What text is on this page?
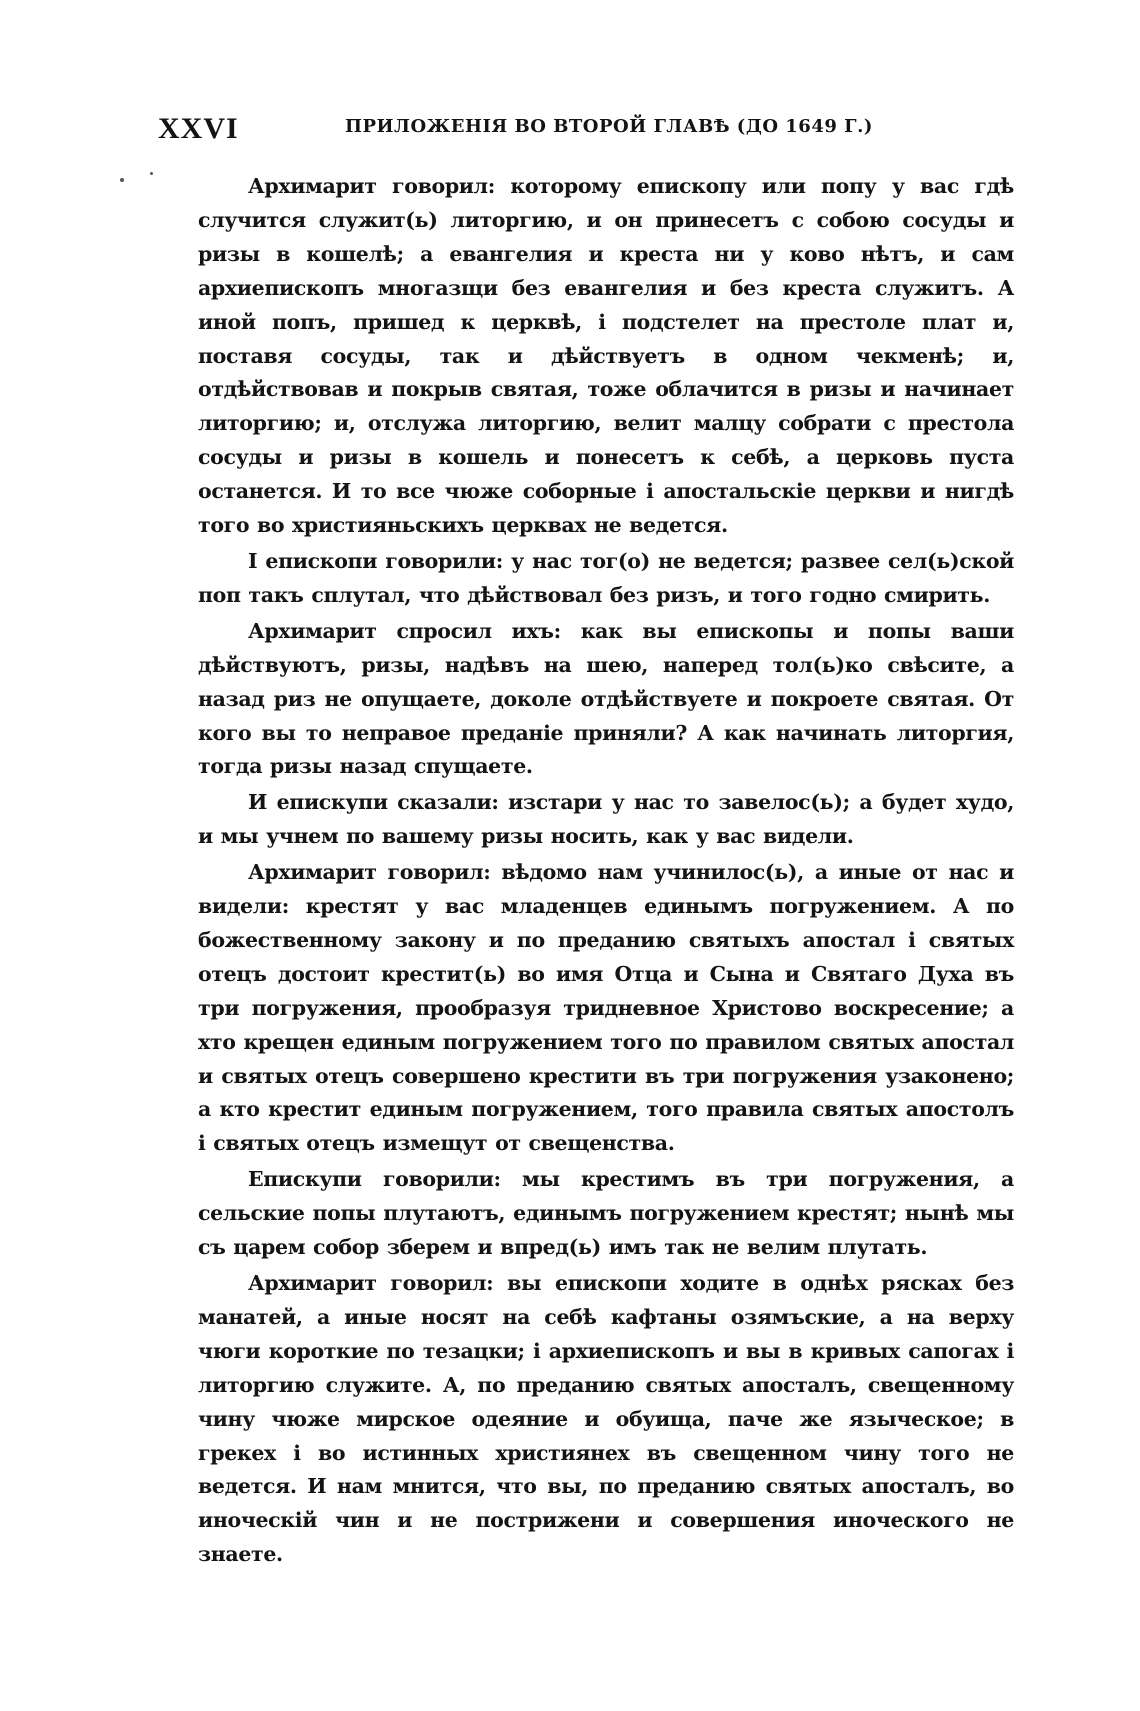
XXVI	ПРИЛОЖЕНІЯ ВО ВТОРОЙ ГЛАВѢ (ДО 1649 Г.)

Архимарит говорил: которому епископу или попу у вас гдѣ случится служит(ь) литоргию, и он принесетъ с собою сосуды и ризы в кошелѣ; а евангелия и креста ни у ково нѣтъ, и сам архиепископъ многазщи без евангелия и без креста служитъ. А иной попъ, пришед к церквѣ, і подстелет на престоле плат и, поставя сосуды, так и дѣйствуетъ в одном чекменѣ; и, отдѣйствовав и покрыв святая, тоже облачится в ризы и начинает литоргию; и, отслужа литоргию, велит малцу собрати с престола сосуды и ризы в кошель и понесетъ к себѣ, а церковь пуста останется. И то все чюже соборные і апостальскіе церкви и нигдѣ того во християньскихъ церквах не ведется.

І епископи говорили: у нас тог(о) не ведется; развее сел(ь)ской поп такъ сплутал, что дѣйствовал без ризъ, и того годно смирить.

Архимарит спросил ихъ: как вы епископы и попы ваши дѣйствуютъ, ризы, надѣвъ на шею, наперед тол(ь)ко свѣсите, а назад риз не опущаете, доколе отдѣйствуете и покроете святая. От кого вы то неправое преданіе приняли? А как начинать литоргия, тогда ризы назад спущаете.

И епискупи сказали: изстари у нас то завелос(ь); а будет худо, и мы учнем по вашему ризы носить, как у вас видели.

Архимарит говорил: вѣдомо нам учинилос(ь), а иные от нас и видели: крестят у вас младенцев единымъ погружением. А по божественному закону и по преданию святыхъ апостал і святых отецъ достоит крестит(ь) во имя Отца и Сына и Святаго Духа въ три погружения, прообразуя тридневное Христово воскресение; а хто крещен единым погружением того по правилом святых апостал и святых отецъ совершено крестити въ три погружения узаконено; а кто крестит единым погружением, того правила святых апостолъ і святых отецъ измещут от свещенства.

Епискупи говорили: мы крестимъ въ три погружения, а сельские попы плутаютъ, единымъ погружением крестят; нынѣ мы съ царем собор зберем и впред(ь) имъ так не велим плутать.

Архимарит говорил: вы епископи ходите в однѣх рясках без манатей, а иные носят на себѣ кафтаны озямъские, а на верху чюги короткие по тезацки; і архиепископъ и вы в кривых сапогах і литоргию служите. А, по преданию святых апосталъ, свещенному чину чюже мирское одеяние и обуища, паче же языческое; в грекех і во истинных християнех въ свещенном чину того не ведется. И нам мнится, что вы, по преданию святых апосталъ, во иноческій чин и не пострижени и совершения иноческого не знаете.
